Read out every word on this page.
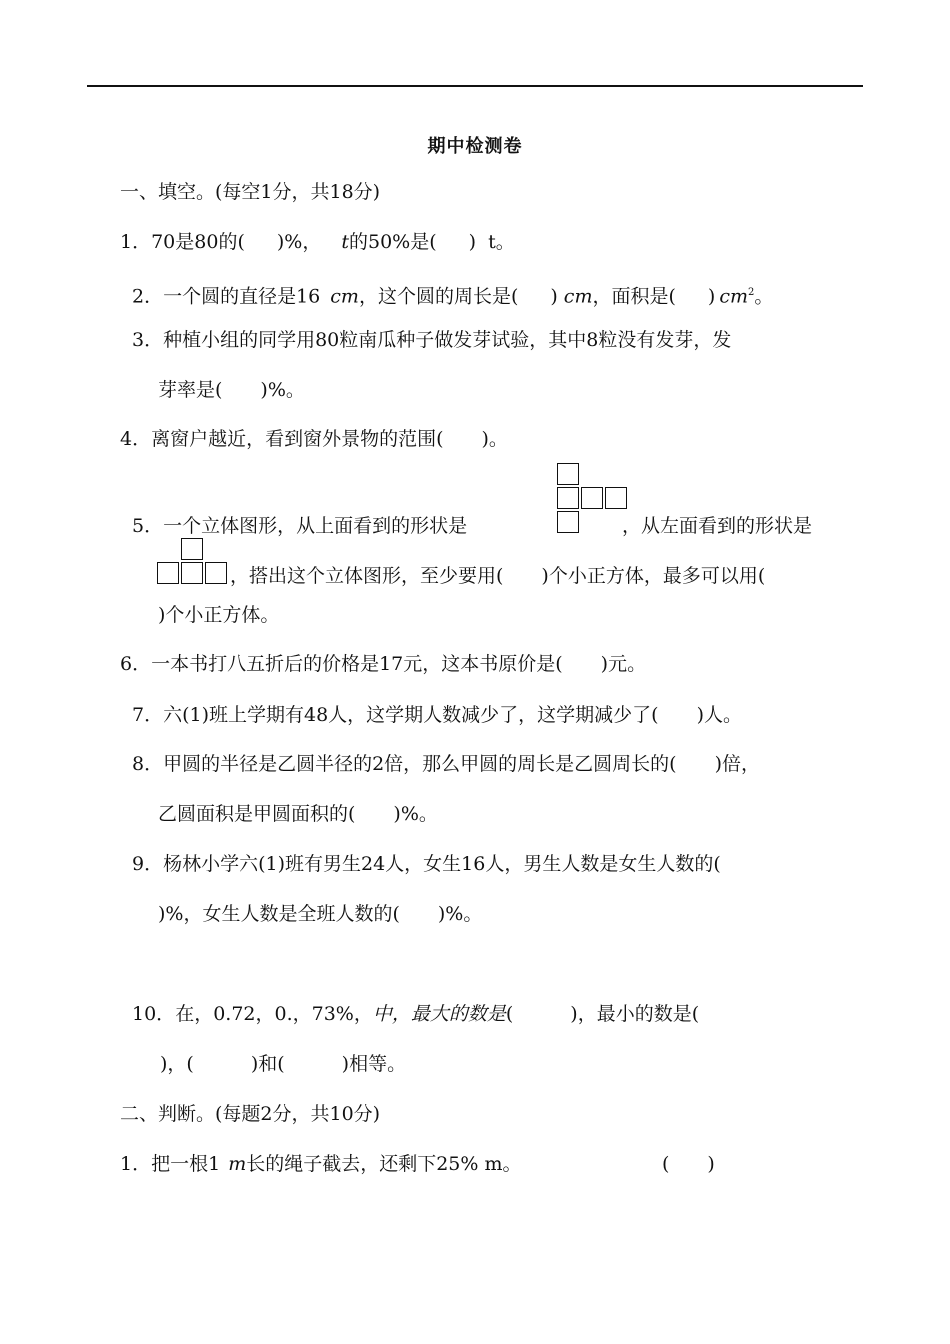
期中检测卷
一、填空。(每空1分，共18分)
1．70是80的( )%， t的50%是( ) t。
2．一个圆的直径是16 cm，这个圆的周长是( ) cm，面积是( ) $cm^2$。
3．种植小组的同学用80粒南瓜种子做发芽试验，其中8粒没有发芽，发
芽率是(　　)%。
4．离窗户越近，看到窗外景物的范围(　　)。
5．一个立体图形，从上面看到的形状是	，从左面看到的形状是
，搭出这个立体图形，至少要用(　　)个小正方体，最多可以用(
)个小正方体。
6．一本书打八五折后的价格是17元，这本书原价是(　　)元。
7．六(1)班上学期有48人，这学期人数减少了，这学期减少了(　　)人。
8．甲圆的半径是乙圆半径的2倍，那么甲圆的周长是乙圆周长的(　　)倍，
乙圆面积是甲圆面积的(　　)%。
9．杨林小学六(1)班有男生24人，女生16人，男生人数是女生人数的(
)%，女生人数是全班人数的(　　)%。
10．在，0.72，0.，73%，中，最大的数是(　　　)，最小的数是(
)，(　　　)和(　　　)相等。
二、判断。(每题2分，共10分)
1．把一根1 m长的绳子截去，还剩下25% m。	(　　)
